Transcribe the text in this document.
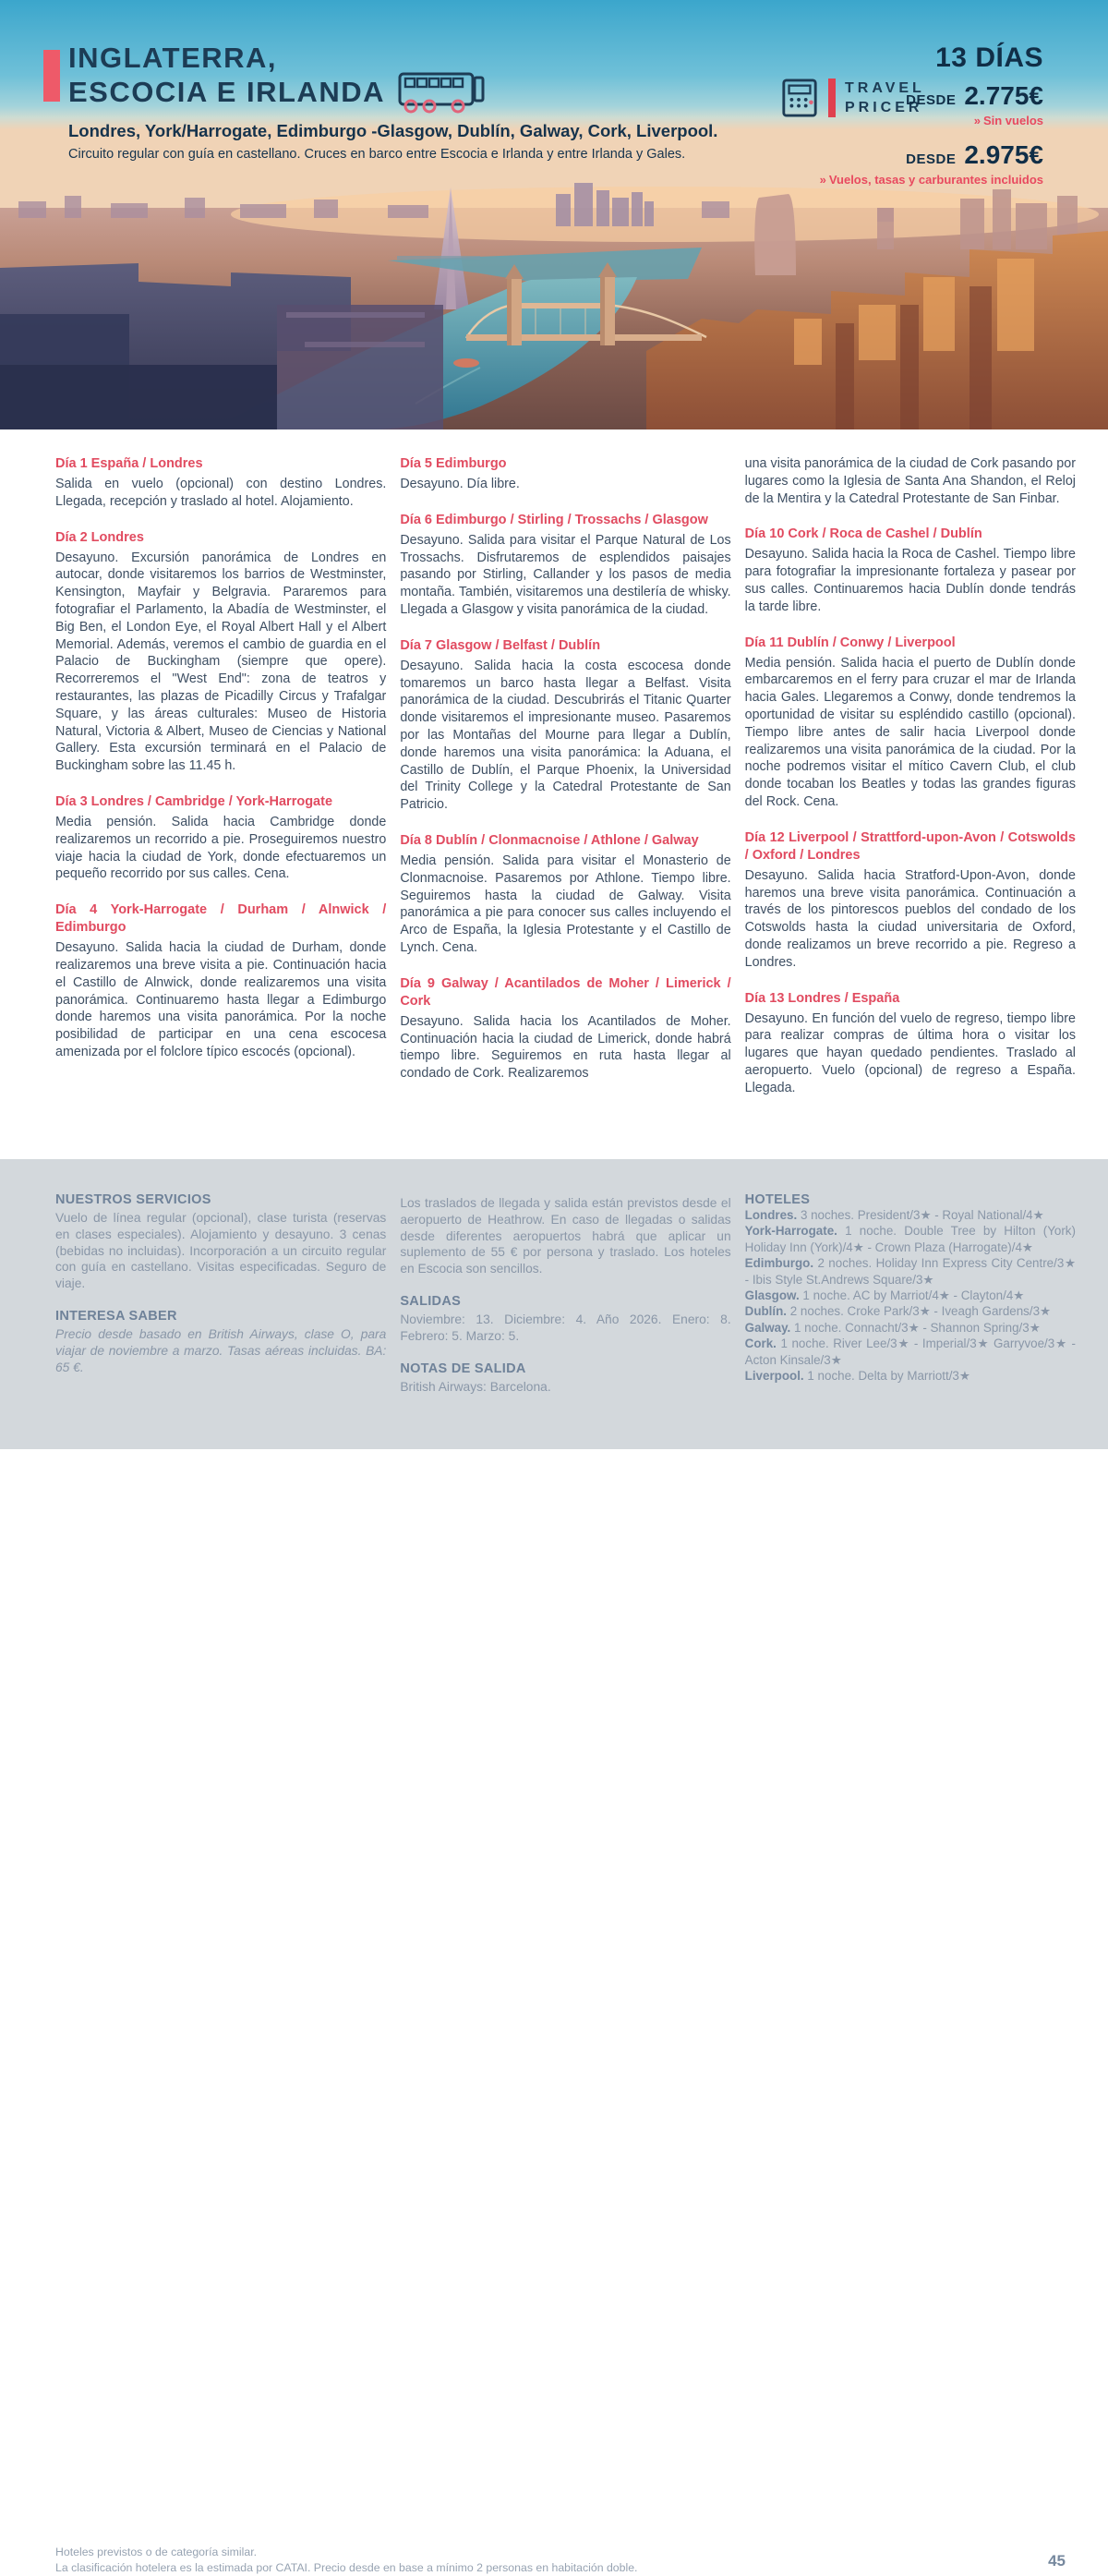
INGLATERRA,
ESCOCIA E IRLANDA
Londres, York/Harrogate, Edimburgo -Glasgow, Dublín, Galway, Cork, Liverpool.
Circuito regular con guía en castellano. Cruces en barco entre Escocia e Irlanda y entre Irlanda y Gales.
TRAVEL
PRICER
13 DÍAS
DESDE 2.775€
» Sin vuelos
DESDE 2.975€
» Vuelos, tasas y carburantes incluidos
Día 1 España / Londres
Salida en vuelo (opcional) con destino Londres. Llegada, recepción y traslado al hotel. Alojamiento.
Día 2 Londres
Desayuno. Excursión panorámica de Londres en autocar, donde visitaremos los barrios de Westminster, Kensington, Mayfair y Belgravia. Pararemos para fotografiar el Parlamento, la Abadía de Westminster, el Big Ben, el London Eye, el Royal Albert Hall y el Albert Memorial. Además, veremos el cambio de guardia en el Palacio de Buckingham (siempre que opere). Recorreremos el "West End": zona de teatros y restaurantes, las plazas de Picadilly Circus y Trafalgar Square, y las áreas culturales: Museo de Historia Natural, Victoria & Albert, Museo de Ciencias y National Gallery. Esta excursión terminará en el Palacio de Buckingham sobre las 11.45 h.
Día 3 Londres / Cambridge / York-Harrogate
Media pensión. Salida hacia Cambridge donde realizaremos un recorrido a pie. Proseguiremos nuestro viaje hacia la ciudad de York, donde efectuaremos un pequeño recorrido por sus calles. Cena.
Día 4 York-Harrogate / Durham / Alnwick / Edimburgo
Desayuno. Salida hacia la ciudad de Durham, donde realizaremos una breve visita a pie. Continuación hacia el Castillo de Alnwick, donde realizaremos una visita panorámica. Continuaremo hasta llegar a Edimburgo donde haremos una visita panorámica. Por la noche posibilidad de participar en una cena escocesa amenizada por el folclore típico escocés (opcional).
Día 5 Edimburgo
Desayuno. Día libre.
Día 6 Edimburgo / Stirling / Trossachs / Glasgow
Desayuno. Salida para visitar el Parque Natural de Los Trossachs. Disfrutaremos de esplendidos paisajes pasando por Stirling, Callander y los pasos de media montaña. También, visitaremos una destilería de whisky. Llegada a Glasgow y visita panorámica de la ciudad.
Día 7 Glasgow / Belfast / Dublín
Desayuno. Salida hacia la costa escocesa donde tomaremos un barco hasta llegar a Belfast. Visita panorámica de la ciudad. Descubrirás el Titanic Quarter donde visitaremos el impresionante museo. Pasaremos por las Montañas del Mourne para llegar a Dublín, donde haremos una visita panorámica: la Aduana, el Castillo de Dublín, el Parque Phoenix, la Universidad del Trinity College y la Catedral Protestante de San Patricio.
Día 8 Dublín / Clonmacnoise / Athlone / Galway
Media pensión. Salida para visitar el Monasterio de Clonmacnoise. Pasaremos por Athlone. Tiempo libre. Seguiremos hasta la ciudad de Galway. Visita panorámica a pie para conocer sus calles incluyendo el Arco de España, la Iglesia Protestante y el Castillo de Lynch. Cena.
Día 9 Galway / Acantilados de Moher / Limerick / Cork
Desayuno. Salida hacia los Acantilados de Moher. Continuación hacia la ciudad de Limerick, donde habrá tiempo libre. Seguiremos en ruta hasta llegar al condado de Cork. Realizaremos
una visita panorámica de la ciudad de Cork pasando por lugares como la Iglesia de Santa Ana Shandon, el Reloj de la Mentira y la Catedral Protestante de San Finbar.
Día 10 Cork / Roca de Cashel / Dublín
Desayuno. Salida hacia la Roca de Cashel. Tiempo libre para fotografiar la impresionante fortaleza y pasear por sus calles. Continuaremos hacia Dublín donde tendrás la tarde libre.
Día 11 Dublín / Conwy / Liverpool
Media pensión. Salida hacia el puerto de Dublín donde embarcaremos en el ferry para cruzar el mar de Irlanda hacia Gales. Llegaremos a Conwy, donde tendremos la oportunidad de visitar su espléndido castillo (opcional). Tiempo libre antes de salir hacia Liverpool donde realizaremos una visita panorámica de la ciudad. Por la noche podremos visitar el mítico Cavern Club, el club donde tocaban los Beatles y todas las grandes figuras del Rock. Cena.
Día 12 Liverpool / Strattford-upon-Avon / Cotswolds / Oxford / Londres
Desayuno. Salida hacia Stratford-Upon-Avon, donde haremos una breve visita panorámica. Continuación a través de los pintorescos pueblos del condado de los Cotswolds hasta la ciudad universitaria de Oxford, donde realizamos un breve recorrido a pie. Regreso a Londres.
Día 13 Londres / España
Desayuno. En función del vuelo de regreso, tiempo libre para realizar compras de última hora o visitar los lugares que hayan quedado pendientes. Traslado al aeropuerto. Vuelo (opcional) de regreso a España. Llegada.
NUESTROS SERVICIOS
Vuelo de línea regular (opcional), clase turista (reservas en clases especiales). Alojamiento y desayuno. 3 cenas (bebidas no incluidas). Incorporación a un circuito regular con guía en castellano. Visitas especificadas. Seguro de viaje.
INTERESA SABER
Precio desde basado en British Airways, clase O, para viajar de noviembre a marzo. Tasas aéreas incluidas. BA: 65 €.
Los traslados de llegada y salida están previstos desde el aeropuerto de Heathrow. En caso de llegadas o salidas desde diferentes aeropuertos habrá que aplicar un suplemento de 55 € por persona y traslado. Los hoteles en Escocia son sencillos.
SALIDAS
Noviembre: 13. Diciembre: 4. Año 2026. Enero: 8. Febrero: 5. Marzo: 5.
NOTAS DE SALIDA
British Airways: Barcelona.
HOTELES
Londres. 3 noches. President/3★ - Royal National/4★
York-Harrogate. 1 noche. Double Tree by Hilton (York) Holiday Inn (York)/4★ - Crown Plaza (Harrogate)/4★
Edimburgo. 2 noches. Holiday Inn Express City Centre/3★ - Ibis Style St.Andrews Square/3★
Glasgow. 1 noche. AC by Marriot/4★ - Clayton/4★
Dublín. 2 noches. Croke Park/3★ - Iveagh Gardens/3★
Galway. 1 noche. Connacht/3★ - Shannon Spring/3★
Cork. 1 noche. River Lee/3★ - Imperial/3★ Garryvoe/3★ - Acton Kinsale/3★
Liverpool. 1 noche. Delta by Marriott/3★
Hoteles previstos o de categoría similar.
La clasificación hotelera es la estimada por CATAI. Precio desde en base a mínimo 2 personas en habitación doble.	45
